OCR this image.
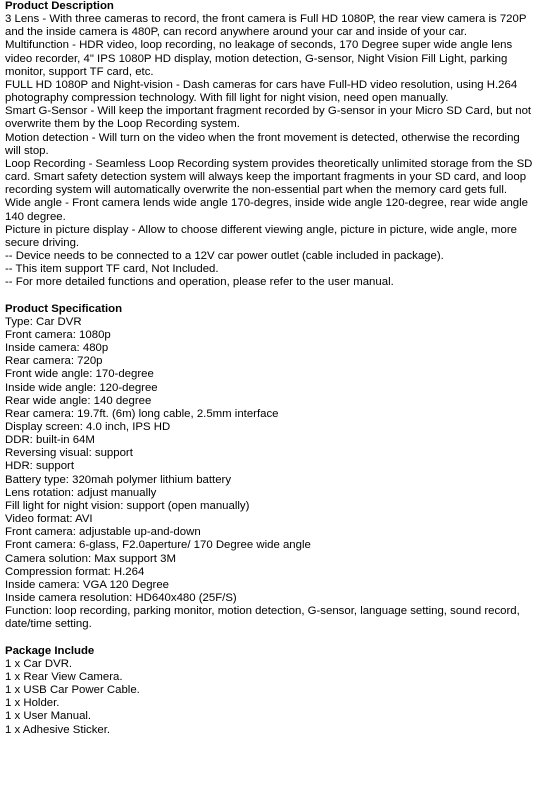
Product Description

3 Lens - With three cameras to record, the front camera is Full HD 1080P, the rear view camera is 720P and the inside camera is 480P, can record anywhere around your car and inside of your car.

Multifunction - HDR video, loop recording, no leakage of seconds, 170 Degree super wide angle lens video recorder, 4" IPS 1080P HD display, motion detection, G-sensor, Night Vision Fill Light, parking monitor, support TF card, etc.

FULL HD 1080P and Night-vision - Dash cameras for cars have Full-HD video resolution, using H.264 photography compression technology. With fill light for night vision, need open manually.

Smart G-Sensor - Will keep the important fragment recorded by G-sensor in your Micro SD Card, but not overwrite them by the Loop Recording system.

Motion detection - Will turn on the video when the front movement is detected, otherwise the recording will stop.

Loop Recording - Seamless Loop Recording system provides theoretically unlimited storage from the SD card. Smart safety detection system will always keep the important fragments in your SD card, and loop recording system will automatically overwrite the non-essential part when the memory card gets full.

Wide angle - Front camera lends wide angle 170-degres, inside wide angle 120-degree, rear wide angle 140 degree.

Picture in picture display - Allow to choose different viewing angle, picture in picture, wide angle, more secure driving.

-- Device needs to be connected to a 12V car power outlet (cable included in package).

-- This item support TF card, Not Included.

-- For more detailed functions and operation, please refer to the user manual.

Product Specification

Type: Car DVR
Front camera: 1080p
Inside camera: 480p
Rear camera: 720p
Front wide angle: 170-degree
Inside wide angle: 120-degree
Rear wide angle: 140 degree
Rear camera: 19.7ft. (6m) long cable, 2.5mm interface
Display screen: 4.0 inch, IPS HD
DDR: built-in 64M
Reversing visual: support
HDR: support
Battery type: 320mah polymer lithium battery
Lens rotation: adjust manually
Fill light for night vision: support (open manually)
Video format: AVI
Front camera: adjustable up-and-down
Front camera: 6-glass, F2.0aperture/ 170 Degree wide angle
Camera solution: Max support 3M
Compression format: H.264
Inside camera: VGA 120 Degree
Inside camera resolution: HD640x480 (25F/S)
Function: loop recording, parking monitor, motion detection, G-sensor, language setting, sound record, date/time setting.

Package Include

1 x Car DVR.
1 x Rear View Camera.
1 x USB Car Power Cable.
1 x Holder.
1 x User Manual.
1 x Adhesive Sticker.
